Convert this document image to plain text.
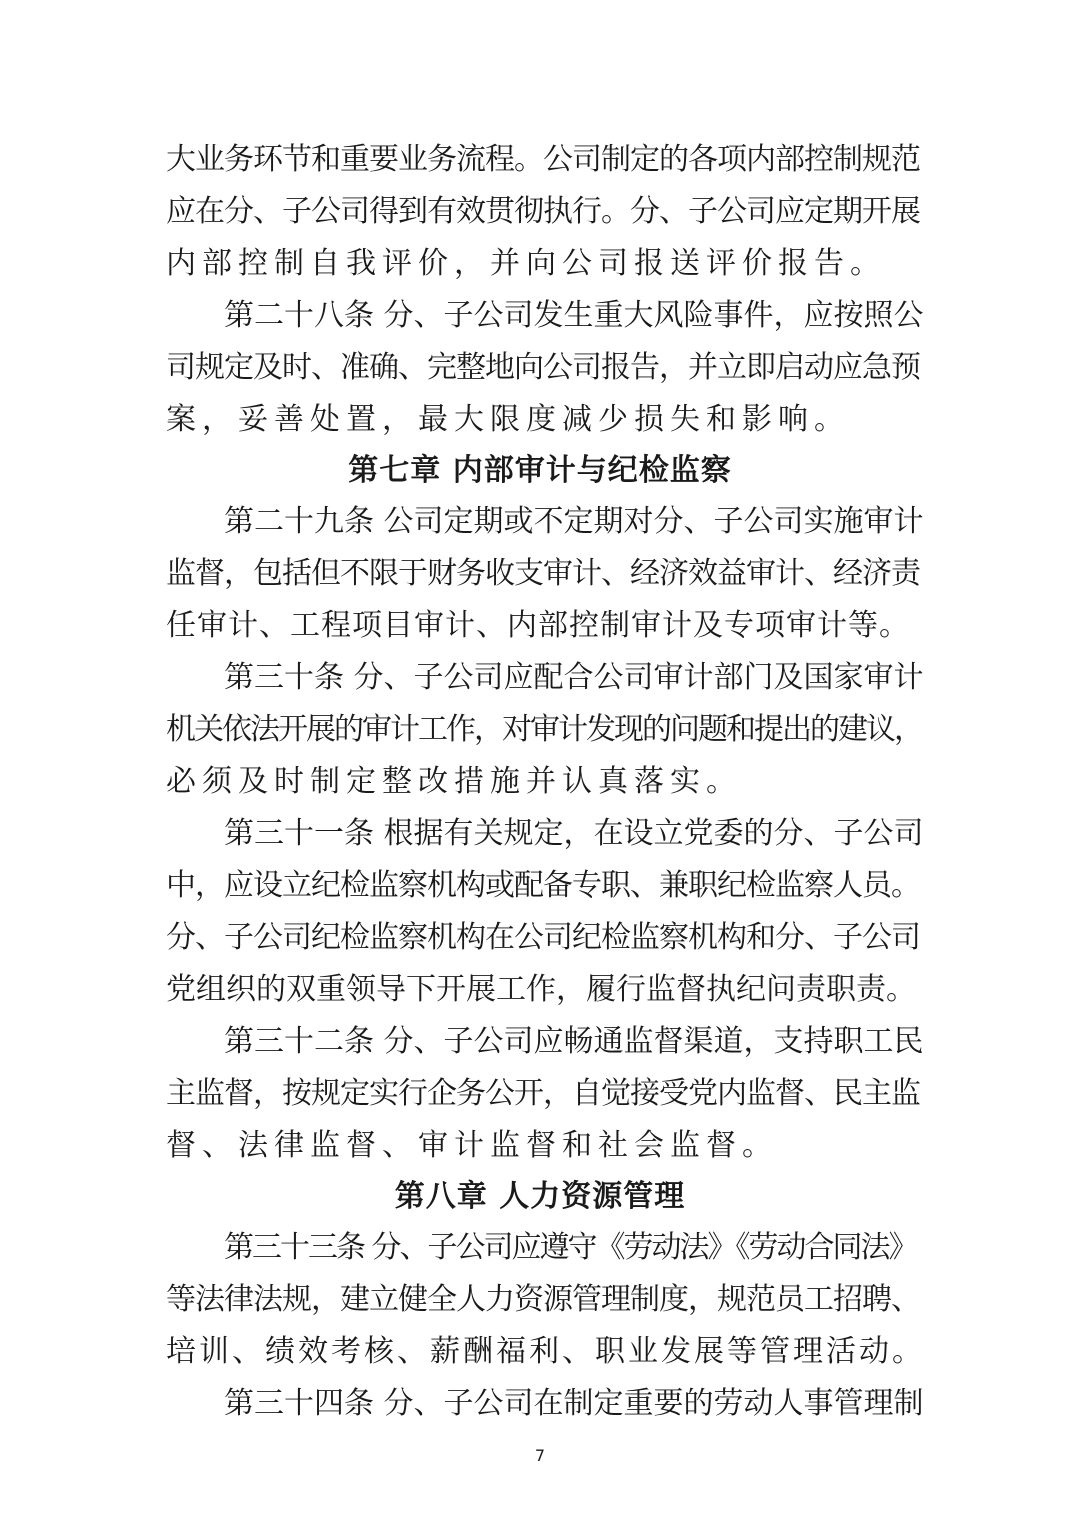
大业务环节和重要业务流程。公司制定的各项内部控制规范
应在分、子公司得到有效贯彻执行。分、子公司应定期开展
内部控制自我评价，并向公司报送评价报告。
第二十八条 分、子公司发生重大风险事件，应按照公
司规定及时、准确、完整地向公司报告，并立即启动应急预
案，妥善处置，最大限度减少损失和影响。
第七章 内部审计与纪检监察
第二十九条 公司定期或不定期对分、子公司实施审计
监督，包括但不限于财务收支审计、经济效益审计、经济责
任审计、工程项目审计、内部控制审计及专项审计等。
第三十条 分、子公司应配合公司审计部门及国家审计
机关依法开展的审计工作，对审计发现的问题和提出的建议，
必须及时制定整改措施并认真落实。
第三十一条 根据有关规定，在设立党委的分、子公司
中，应设立纪检监察机构或配备专职、兼职纪检监察人员。
分、子公司纪检监察机构在公司纪检监察机构和分、子公司
党组织的双重领导下开展工作，履行监督执纪问责职责。
第三十二条 分、子公司应畅通监督渠道，支持职工民
主监督，按规定实行企务公开，自觉接受党内监督、民主监
督、法律监督、审计监督和社会监督。
第八章 人力资源管理
第三十三条 分、子公司应遵守《劳动法》《劳动合同法》
等法律法规，建立健全人力资源管理制度，规范员工招聘、
培训、绩效考核、薪酬福利、职业发展等管理活动。
第三十四条 分、子公司在制定重要的劳动人事管理制
7
